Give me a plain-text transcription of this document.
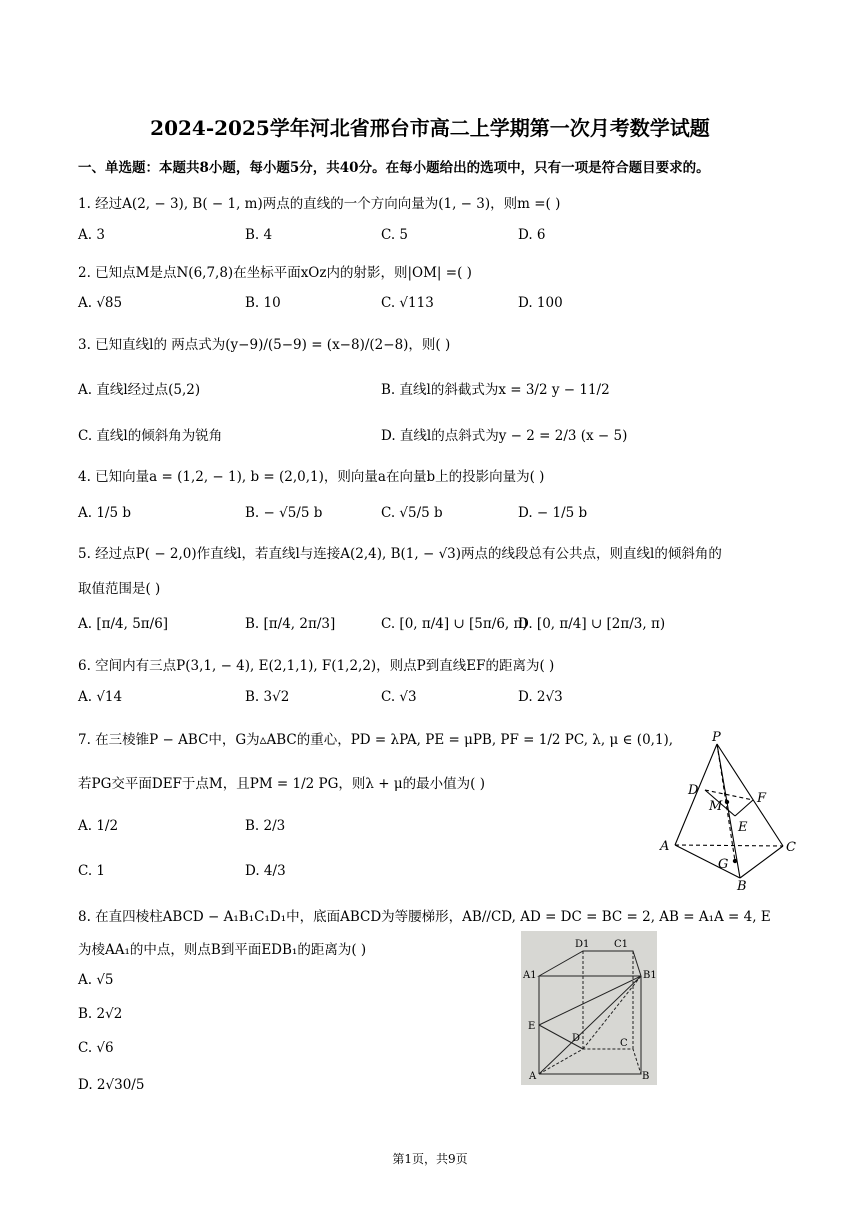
2024-2025学年河北省邢台市高二上学期第一次月考数学试题
一、单选题：本题共8小题，每小题5分，共40分。在每小题给出的选项中，只有一项是符合题目要求的。
1. 经过A(2, − 3), B( − 1, m)两点的直线的一个方向向量为(1, − 3)，则m =( )
A. 3	B. 4	C. 5	D. 6
2. 已知点M是点N(6,7,8)在坐标平面xOz内的射影，则|OM| =( )
A. √85	B. 10	C. √113	D. 100
3. 已知直线l的 两点式为(y−9)/(5−9) = (x−8)/(2−8)，则( )
A. 直线l经过点(5,2)	B. 直线l的斜截式为x = 3/2 y − 11/2
C. 直线l的倾斜角为锐角	D. 直线l的点斜式为y − 2 = 2/3 (x − 5)
4. 已知向量a = (1,2, − 1), b = (2,0,1)，则向量a在向量b上的投影向量为( )
A. 1/5 b	B. − √5/5 b	C. √5/5 b	D. − 1/5 b
5. 经过点P( − 2,0)作直线l，若直线l与连接A(2,4), B(1, − √3)两点的线段总有公共点，则直线l的倾斜角的
取值范围是( )
A. [π/4, 5π/6]	B. [π/4, 2π/3]	C. [0, π/4] ∪ [5π/6, π)
D. [0, π/4] ∪ [2π/3, π)
6. 空间内有三点P(3,1, − 4), E(2,1,1), F(1,2,2)，则点P到直线EF的距离为( )
A. √14	B. 3√2	C. √3	D. 2√3
7. 在三棱锥P − ABC中，G为▵ABC的重心，PD = λPA, PE = μPB, PF = 1/2 PC, λ, μ ∈ (0,1),
若PG交平面DEF于点M，且PM = 1/2 PG，则λ + μ的最小值为( )
A. 1/2	B. 2/3
C. 1	D. 4/3
P
D
F
M
E
A	C
G
B
8. 在直四棱柱ABCD − A₁B₁C₁D₁中，底面ABCD为等腰梯形，AB//CD, AD = DC = BC = 2, AB = A₁A = 4, E
为棱AA₁的中点，则点B到平面EDB₁的距离为( )
A. √5
B. 2√2
C. √6
D. 2√30/5
D1 C1
A1	B1
E
D	C
A	B
第1页，共9页
